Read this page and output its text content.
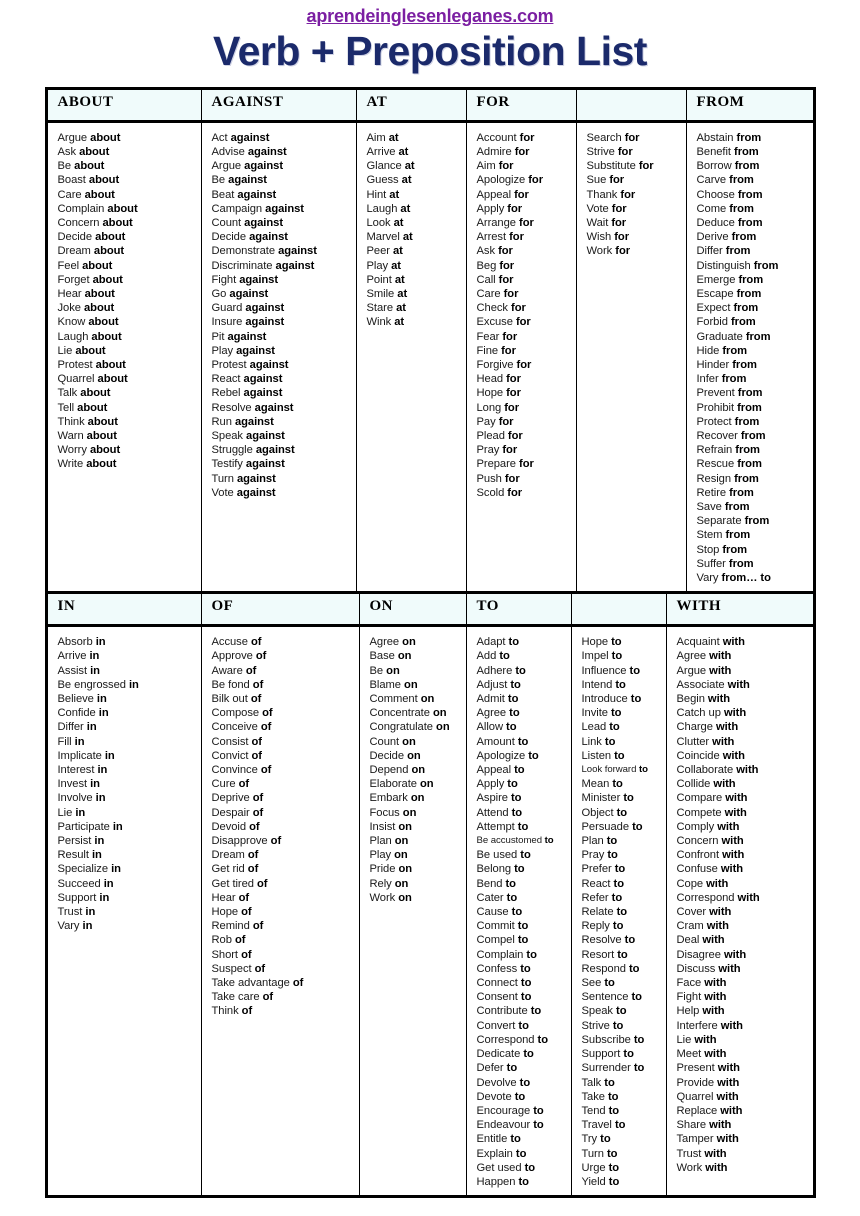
aprendeinglesenleganes.com
Verb + Preposition List
ABOUT	AGAINST	AT	FOR		FROM

Argue about
Ask about
Be about
Boast about
Care about
Complain about
Concern about
Decide about
Dream about
Feel about
Forget about
Hear about
Joke about
Know about
Laugh about
Lie about
Protest about
Quarrel about
Talk about
Tell about
Think about
Warn about
Worry about
Write about

Act against
Advise against
Argue against
Be against
Beat against
Campaign against
Count against
Decide against
Demonstrate against
Discriminate against
Fight against
Go against
Guard against
Insure against
Pit against
Play against
Protest against
React against
Rebel against
Resolve against
Run against
Speak against
Struggle against
Testify against
Turn against
Vote against

Aim at
Arrive at
Glance at
Guess at
Hint at
Laugh at
Look at
Marvel at
Peer at
Play at
Point at
Smile at
Stare at
Wink at

Account for
Admire for
Aim for
Apologize for
Appeal for
Apply for
Arrange for
Arrest for
Ask for
Beg for
Call for
Care for
Check for
Excuse for
Fear for
Fine for
Forgive for
Head for
Hope for
Long for
Pay for
Plead for
Pray for
Prepare for
Push for
Scold for

Search for
Strive for
Substitute for
Sue for
Thank for
Vote for
Wait for
Wish for
Work for

Abstain from
Benefit from
Borrow from
Carve from
Choose from
Come from
Deduce from
Derive from
Differ from
Distinguish from
Emerge from
Escape from
Expect from
Forbid from
Graduate from
Hide from
Hinder from
Infer from
Prevent from
Prohibit from
Protect from
Recover from
Refrain from
Rescue from
Resign from
Retire from
Save from
Separate from
Stem from
Stop from
Suffer from
Vary from… to
IN	OF	ON	TO		WITH

Absorb in
Arrive in
Assist in
Be engrossed in
Believe in
Confide in
Differ in
Fill in
Implicate in
Interest in
Invest in
Involve in
Lie in
Participate in
Persist in
Result in
Specialize in
Succeed in
Support in
Trust in
Vary in

Accuse of
Approve of
Aware of
Be fond of
Bilk out of
Compose of
Conceive of
Consist of
Convict of
Convince of
Cure of
Deprive of
Despair of
Devoid of
Disapprove of
Dream of
Get rid of
Get tired of
Hear of
Hope of
Remind of
Rob of
Short of
Suspect of
Take advantage of
Take care of
Think of

Agree on
Base on
Be on
Blame on
Comment on
Concentrate on
Congratulate on
Count on
Decide on
Depend on
Elaborate on
Embark on
Focus on
Insist on
Plan on
Play on
Pride on
Rely on
Work on

Adapt to
Add to
Adhere to
Adjust to
Admit to
Agree to
Allow to
Amount to
Apologize to
Appeal to
Apply to
Aspire to
Attend to
Attempt to
Be accustomed to
Be used to
Belong to
Bend to
Cater to
Cause to
Commit to
Compel to
Complain to
Confess to
Connect to
Consent to
Contribute to
Convert to
Correspond to
Dedicate to
Defer to
Devolve to
Devote to
Encourage to
Endeavour to
Entitle to
Explain to
Get used to
Happen to

Hope to
Impel to
Influence to
Intend to
Introduce to
Invite to
Lead to
Link to
Listen to
Look forward to
Mean to
Minister to
Object to
Persuade to
Plan to
Pray to
Prefer to
React to
Refer to
Relate to
Reply to
Resolve to
Resort to
Respond to
See to
Sentence to
Speak to
Strive to
Subscribe to
Support to
Surrender to
Talk to
Take to
Tend to
Travel to
Try to
Turn to
Urge to
Yield to

Acquaint with
Agree with
Argue with
Associate with
Begin with
Catch up with
Charge with
Clutter with
Coincide with
Collaborate with
Collide with
Compare with
Compete with
Comply with
Concern with
Confront with
Confuse with
Cope with
Correspond with
Cover with
Cram with
Deal with
Disagree with
Discuss with
Face with
Fight with
Help with
Interfere with
Lie with
Meet with
Present with
Provide with
Quarrel with
Replace with
Share with
Tamper with
Trust with
Work with
